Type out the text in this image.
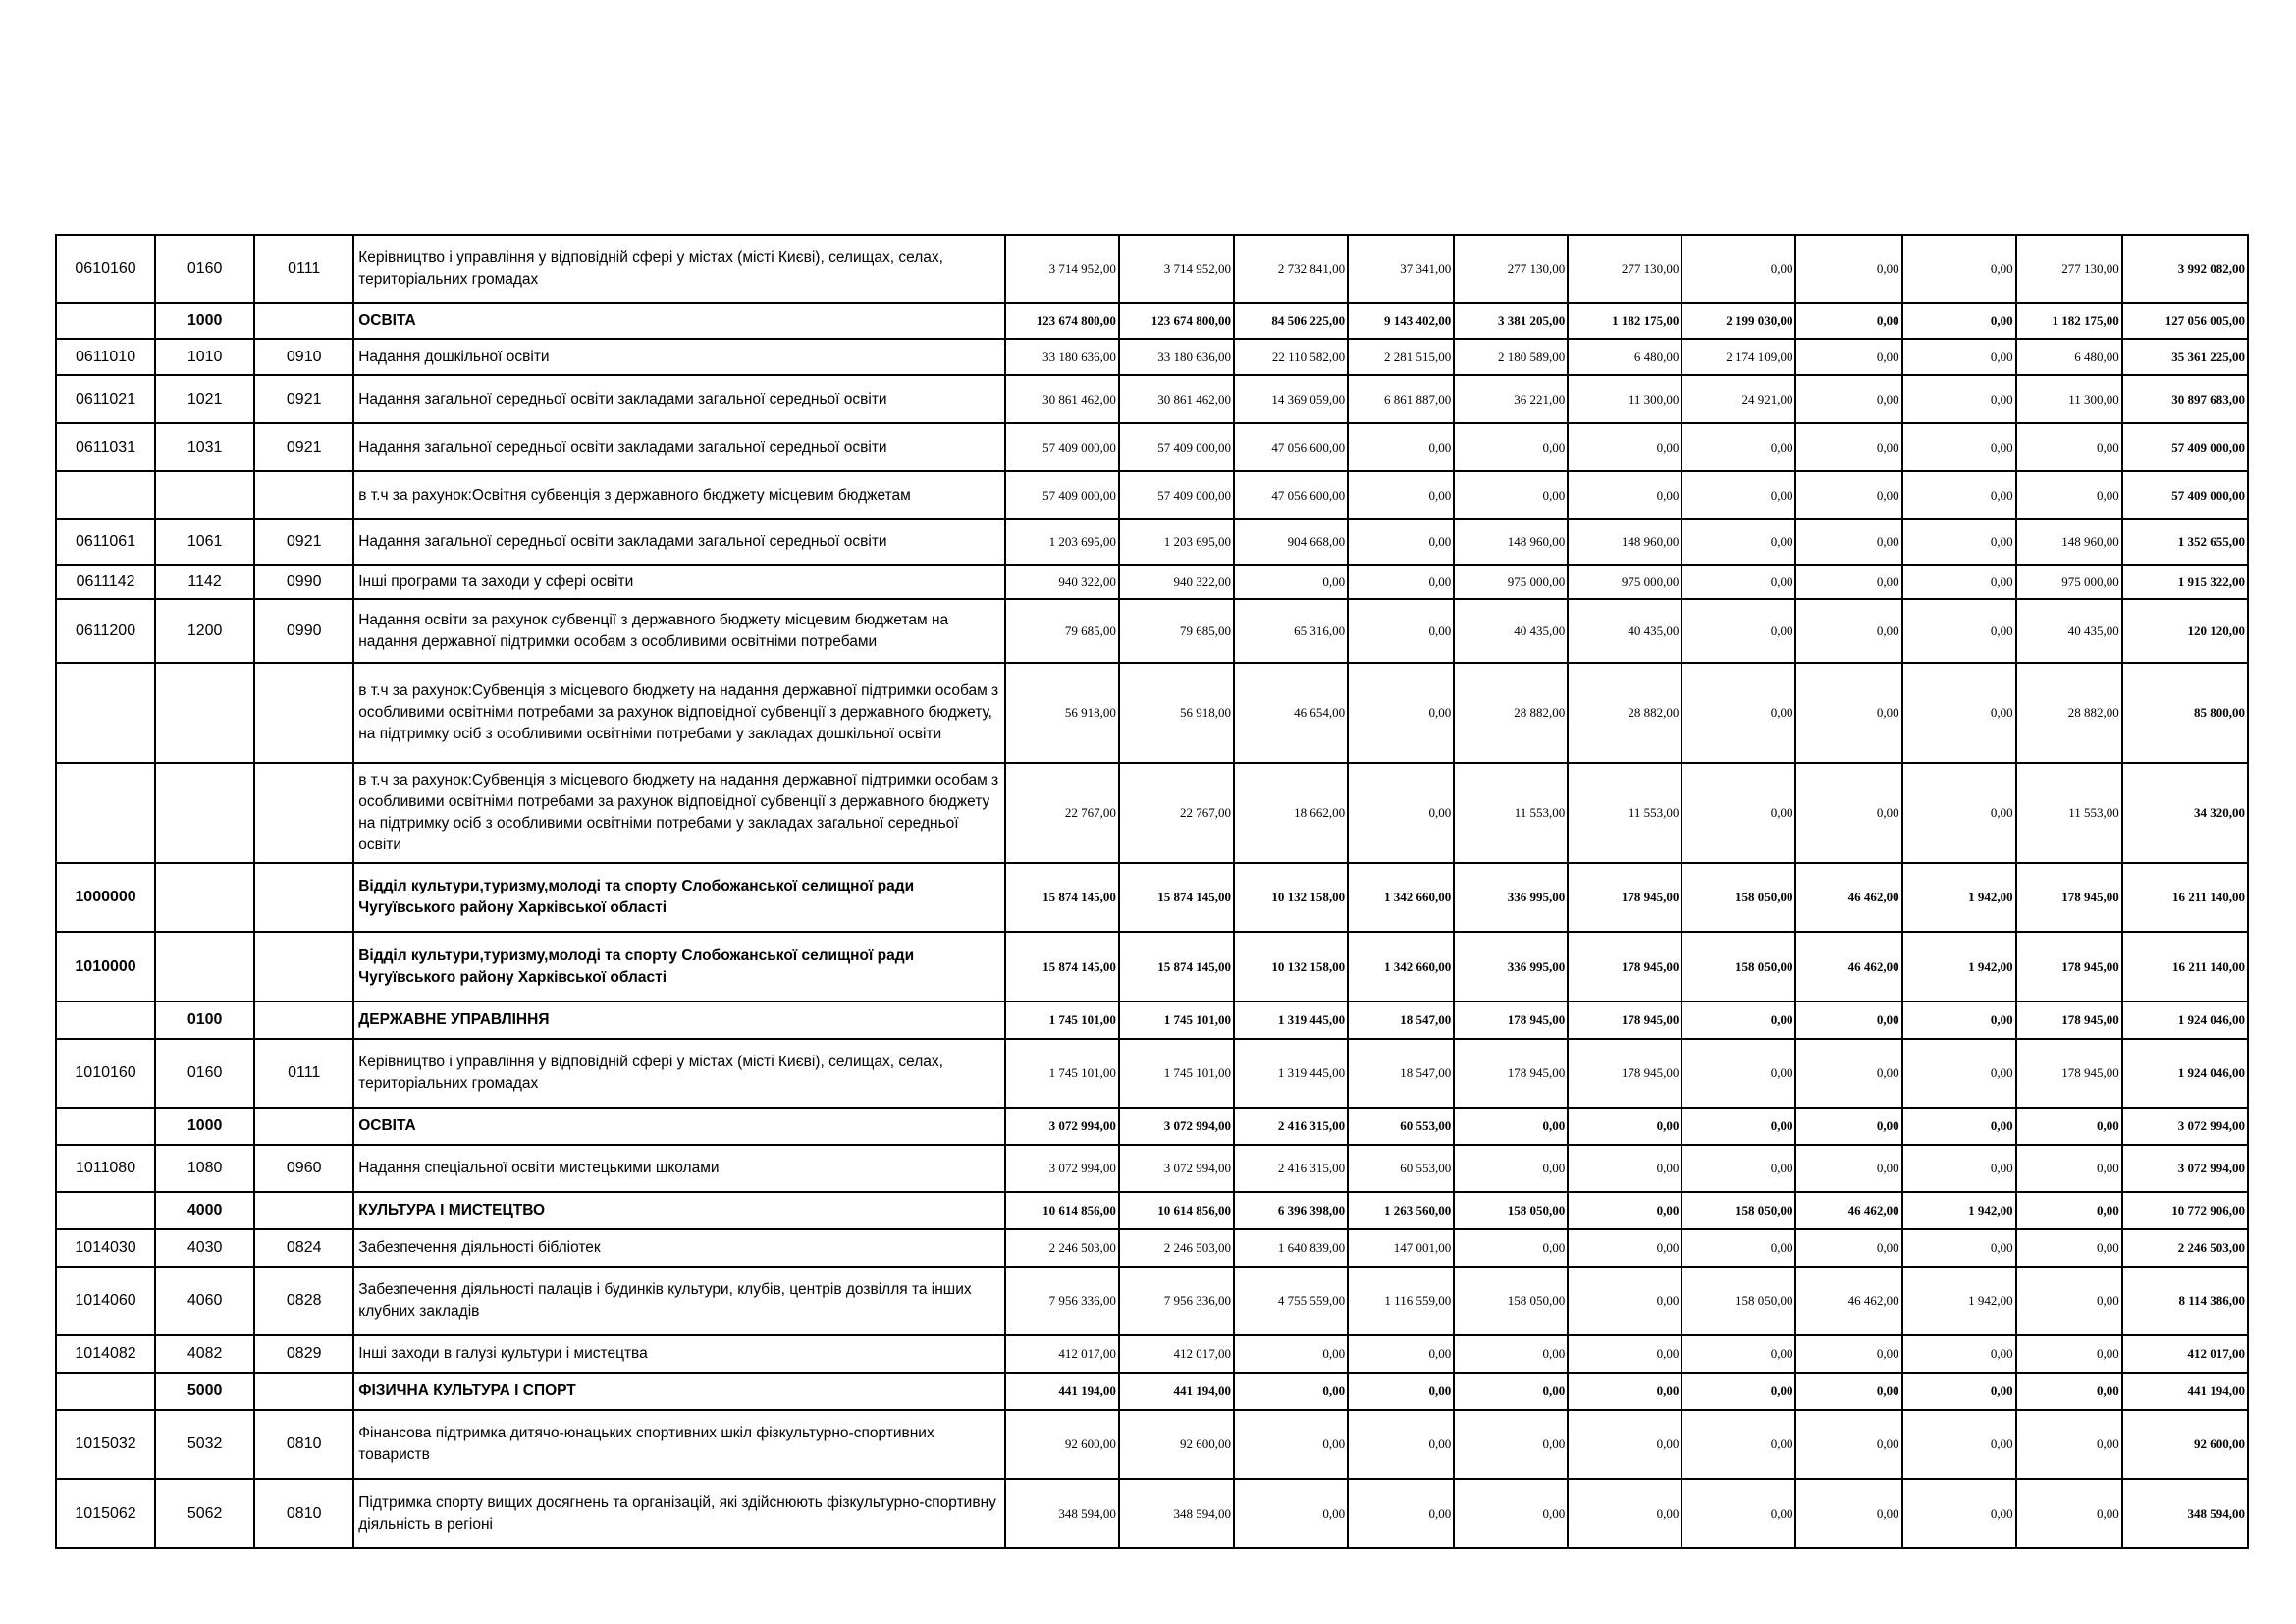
0610160	0160	0111	Керівництво і управління у відповідній сфері у містах (місті Києві), селищах, селах, територіальних громадах	3 714 952,00	3 714 952,00	2 732 841,00	37 341,00	277 130,00	277 130,00	0,00	0,00	0,00	277 130,00	3 992 082,00
	1000		ОСВІТА	123 674 800,00	123 674 800,00	84 506 225,00	9 143 402,00	3 381 205,00	1 182 175,00	2 199 030,00	0,00	0,00	1 182 175,00	127 056 005,00
0611010	1010	0910	Надання дошкільної освіти	33 180 636,00	33 180 636,00	22 110 582,00	2 281 515,00	2 180 589,00	6 480,00	2 174 109,00	0,00	0,00	6 480,00	35 361 225,00
0611021	1021	0921	Надання загальної середньої освіти закладами загальної середньої освіти	30 861 462,00	30 861 462,00	14 369 059,00	6 861 887,00	36 221,00	11 300,00	24 921,00	0,00	0,00	11 300,00	30 897 683,00
0611031	1031	0921	Надання загальної середньої освіти закладами загальної середньої освіти	57 409 000,00	57 409 000,00	47 056 600,00	0,00	0,00	0,00	0,00	0,00	0,00	0,00	57 409 000,00
			в т.ч за рахунок:Освітня субвенція з державного бюджету місцевим бюджетам	57 409 000,00	57 409 000,00	47 056 600,00	0,00	0,00	0,00	0,00	0,00	0,00	0,00	57 409 000,00
0611061	1061	0921	Надання загальної середньої освіти закладами загальної середньої освіти	1 203 695,00	1 203 695,00	904 668,00	0,00	148 960,00	148 960,00	0,00	0,00	0,00	148 960,00	1 352 655,00
0611142	1142	0990	Інші програми та заходи у сфері освіти	940 322,00	940 322,00	0,00	0,00	975 000,00	975 000,00	0,00	0,00	0,00	975 000,00	1 915 322,00
0611200	1200	0990	Надання освіти за рахунок субвенції з державного бюджету місцевим бюджетам на надання державної підтримки особам з особливими освітніми потребами	79 685,00	79 685,00	65 316,00	0,00	40 435,00	40 435,00	0,00	0,00	0,00	40 435,00	120 120,00
			в т.ч за рахунок:Субвенція з місцевого бюджету на надання державної підтримки особам з особливими освітніми потребами за рахунок відповідної субвенції з державного бюджету, на підтримку осіб з особливими освітніми потребами у закладах дошкільної освіти	56 918,00	56 918,00	46 654,00	0,00	28 882,00	28 882,00	0,00	0,00	0,00	28 882,00	85 800,00
			в т.ч за рахунок:Субвенція з місцевого бюджету на надання державної підтримки особам з особливими освітніми потребами за рахунок відповідної субвенції з державного бюджету на підтримку осіб з особливими освітніми потребами у закладах загальної середньої освіти	22 767,00	22 767,00	18 662,00	0,00	11 553,00	11 553,00	0,00	0,00	0,00	11 553,00	34 320,00
1000000			Відділ культури,туризму,молоді та спорту Слобожанської селищної ради Чугуївського району Харківської області	15 874 145,00	15 874 145,00	10 132 158,00	1 342 660,00	336 995,00	178 945,00	158 050,00	46 462,00	1 942,00	178 945,00	16 211 140,00
1010000			Відділ культури,туризму,молоді та спорту Слобожанської селищної ради Чугуївського району Харківської області	15 874 145,00	15 874 145,00	10 132 158,00	1 342 660,00	336 995,00	178 945,00	158 050,00	46 462,00	1 942,00	178 945,00	16 211 140,00
	0100		ДЕРЖАВНЕ УПРАВЛІННЯ	1 745 101,00	1 745 101,00	1 319 445,00	18 547,00	178 945,00	178 945,00	0,00	0,00	0,00	178 945,00	1 924 046,00
1010160	0160	0111	Керівництво і управління у відповідній сфері у містах (місті Києві), селищах, селах, територіальних громадах	1 745 101,00	1 745 101,00	1 319 445,00	18 547,00	178 945,00	178 945,00	0,00	0,00	0,00	178 945,00	1 924 046,00
	1000		ОСВІТА	3 072 994,00	3 072 994,00	2 416 315,00	60 553,00	0,00	0,00	0,00	0,00	0,00	0,00	3 072 994,00
1011080	1080	0960	Надання спеціальної освіти мистецькими школами	3 072 994,00	3 072 994,00	2 416 315,00	60 553,00	0,00	0,00	0,00	0,00	0,00	0,00	3 072 994,00
	4000		КУЛЬТУРА І МИСТЕЦТВО	10 614 856,00	10 614 856,00	6 396 398,00	1 263 560,00	158 050,00	0,00	158 050,00	46 462,00	1 942,00	0,00	10 772 906,00
1014030	4030	0824	Забезпечення діяльності бібліотек	2 246 503,00	2 246 503,00	1 640 839,00	147 001,00	0,00	0,00	0,00	0,00	0,00	0,00	2 246 503,00
1014060	4060	0828	Забезпечення діяльності палаців i будинків культури, клубів, центрів дозвілля та iнших клубних закладів	7 956 336,00	7 956 336,00	4 755 559,00	1 116 559,00	158 050,00	0,00	158 050,00	46 462,00	1 942,00	0,00	8 114 386,00
1014082	4082	0829	Інші заходи в галузі культури і мистецтва	412 017,00	412 017,00	0,00	0,00	0,00	0,00	0,00	0,00	0,00	0,00	412 017,00
	5000		ФІЗИЧНА КУЛЬТУРА І СПОРТ	441 194,00	441 194,00	0,00	0,00	0,00	0,00	0,00	0,00	0,00	0,00	441 194,00
1015032	5032	0810	Фінансова підтримка дитячо-юнацьких спортивних шкіл фізкультурно-спортивних товариств	92 600,00	92 600,00	0,00	0,00	0,00	0,00	0,00	0,00	0,00	0,00	92 600,00
1015062	5062	0810	Підтримка спорту вищих досягнень та організацій, які здійснюють фізкультурно-спортивну діяльність в регіоні	348 594,00	348 594,00	0,00	0,00	0,00	0,00	0,00	0,00	0,00	0,00	348 594,00
